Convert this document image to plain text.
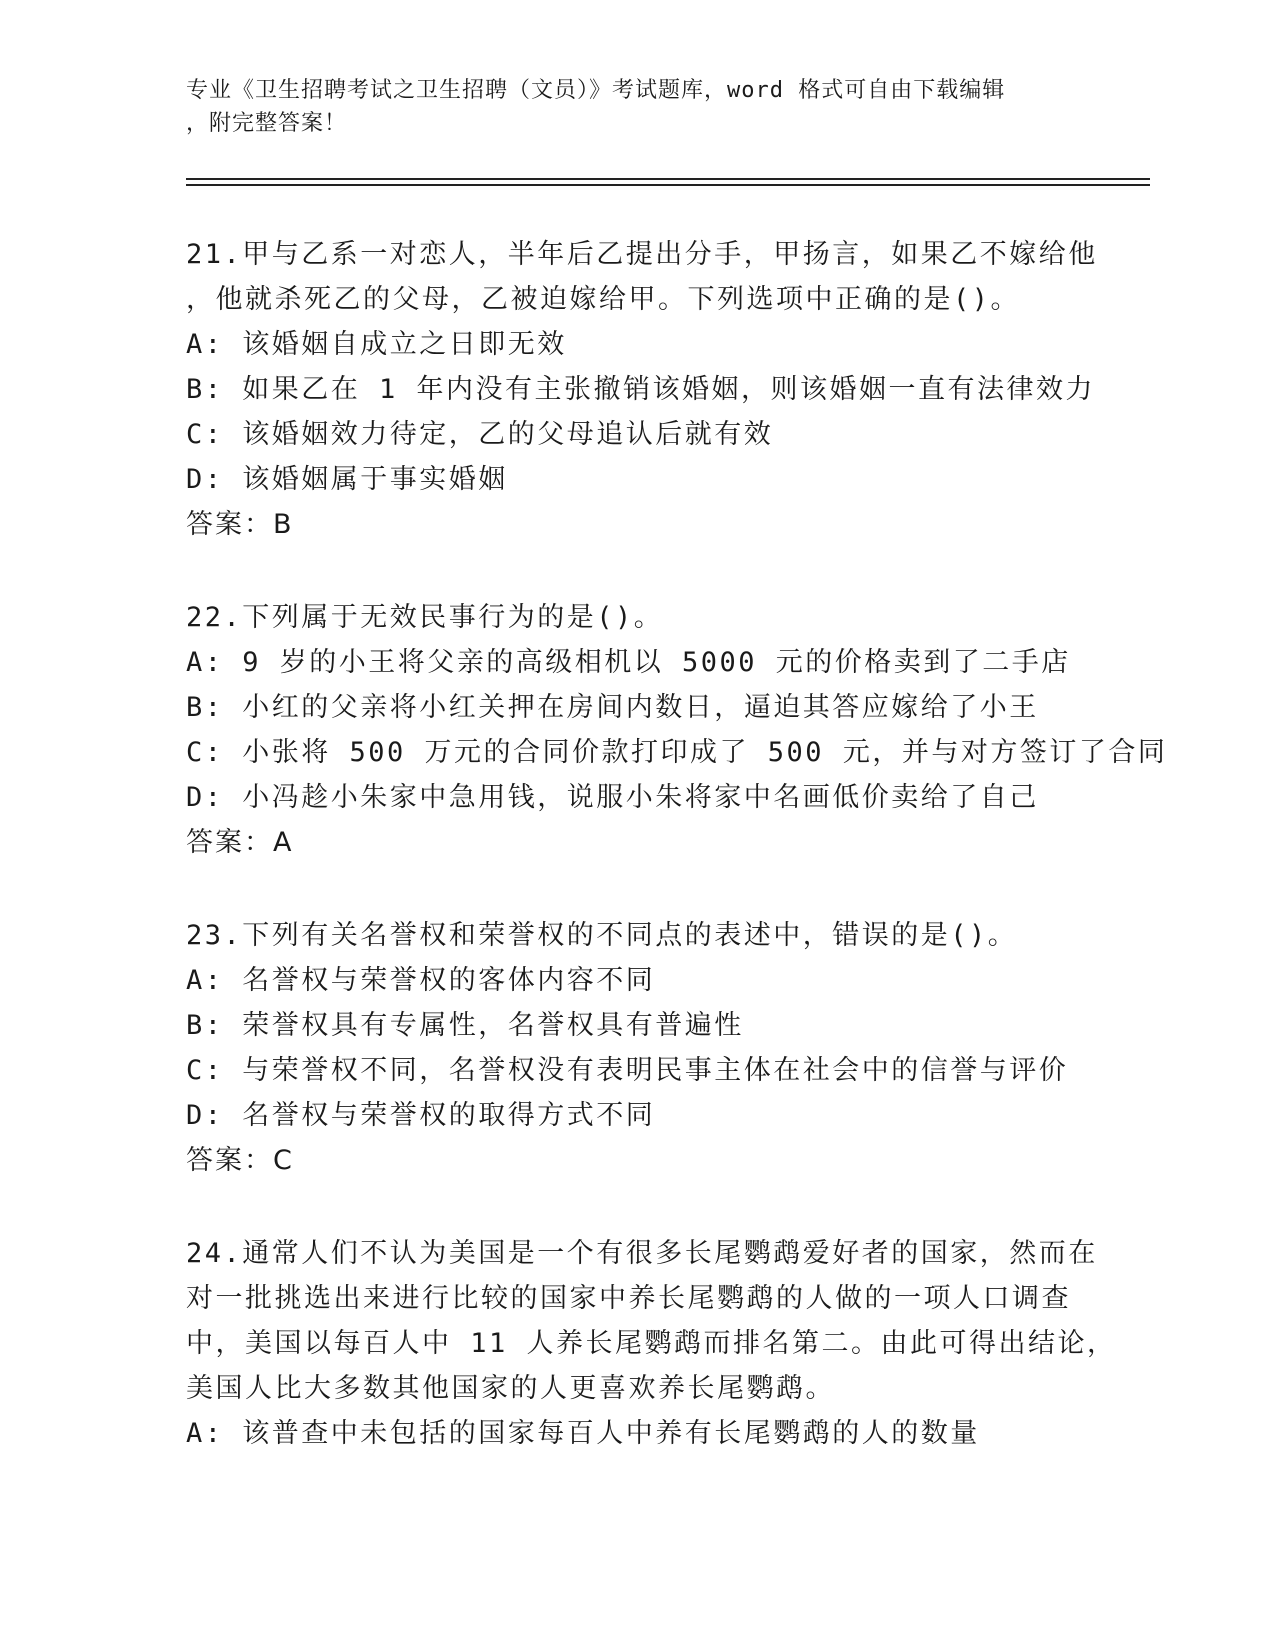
专业《卫生招聘考试之卫生招聘（文员）》考试题库，word 格式可自由下载编辑
，附完整答案！
21.甲与乙系一对恋人，半年后乙提出分手，甲扬言，如果乙不嫁给他
，他就杀死乙的父母，乙被迫嫁给甲。下列选项中正确的是()。
A: 该婚姻自成立之日即无效
B: 如果乙在 1 年内没有主张撤销该婚姻，则该婚姻一直有法律效力
C: 该婚姻效力待定，乙的父母追认后就有效
D: 该婚姻属于事实婚姻
答案：B
22.下列属于无效民事行为的是()。
A: 9 岁的小王将父亲的高级相机以 5000 元的价格卖到了二手店
B: 小红的父亲将小红关押在房间内数日，逼迫其答应嫁给了小王
C: 小张将 500 万元的合同价款打印成了 500 元，并与对方签订了合同
D: 小冯趁小朱家中急用钱，说服小朱将家中名画低价卖给了自己
答案：A
23.下列有关名誉权和荣誉权的不同点的表述中，错误的是()。
A: 名誉权与荣誉权的客体内容不同
B: 荣誉权具有专属性，名誉权具有普遍性
C: 与荣誉权不同，名誉权没有表明民事主体在社会中的信誉与评价
D: 名誉权与荣誉权的取得方式不同
答案：C
24.通常人们不认为美国是一个有很多长尾鹦鹉爱好者的国家，然而在
对一批挑选出来进行比较的国家中养长尾鹦鹉的人做的一项人口调查
中，美国以每百人中 11 人养长尾鹦鹉而排名第二。由此可得出结论，
美国人比大多数其他国家的人更喜欢养长尾鹦鹉。
A: 该普查中未包括的国家每百人中养有长尾鹦鹉的人的数量
